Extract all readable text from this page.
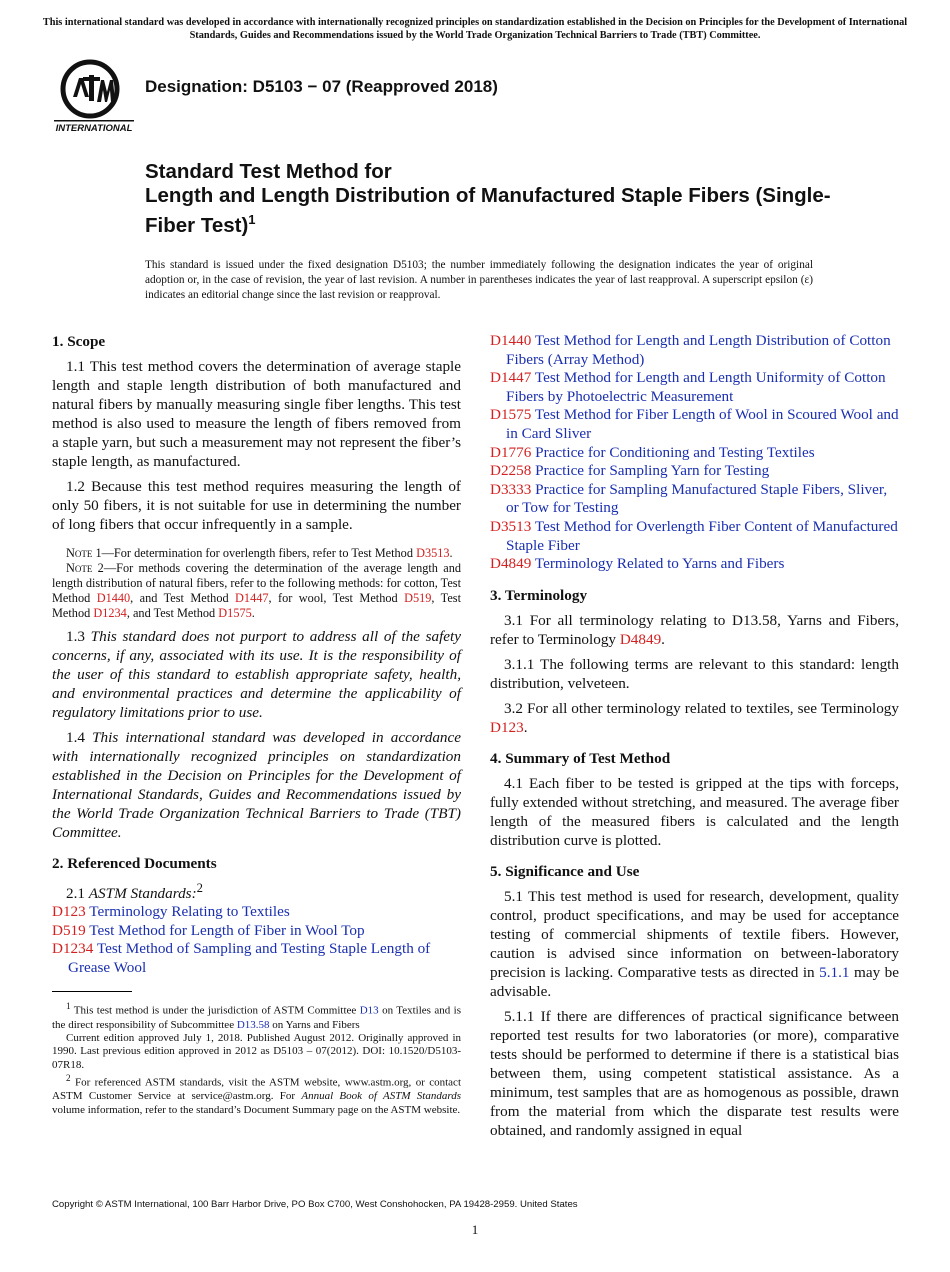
This international standard was developed in accordance with internationally recognized principles on standardization established in the Decision on Principles for the Development of International Standards, Guides and Recommendations issued by the World Trade Organization Technical Barriers to Trade (TBT) Committee.
INTERNATIONAL
Designation: D5103 − 07 (Reapproved 2018)
Standard Test Method for
Length and Length Distribution of Manufactured Staple Fibers (Single-Fiber Test)$^1$
This standard is issued under the fixed designation D5103; the number immediately following the designation indicates the year of original adoption or, in the case of revision, the year of last revision. A number in parentheses indicates the year of last reapproval. A superscript epsilon (ε) indicates an editorial change since the last revision or reapproval.
1. Scope

1.1 This test method covers the determination of average staple length and staple length distribution of both manufactured and natural fibers by manually measuring single fiber lengths. This test method is also used to measure the length of fibers removed from a staple yarn, but such a measurement may not represent the fiber’s staple length, as manufactured.

1.2 Because this test method requires measuring the length of only 50 fibers, it is not suitable for use in determining the number of long fibers that occur infrequently in a sample.

Note 1—For determination for overlength fibers, refer to Test Method D3513.

Note 2—For methods covering the determination of the average length and length distribution of natural fibers, refer to the following methods: for cotton, Test Method D1440, and Test Method D1447, for wool, Test Method D519, Test Method D1234, and Test Method D1575.

1.3 This standard does not purport to address all of the safety concerns, if any, associated with its use. It is the responsibility of the user of this standard to establish appropriate safety, health, and environmental practices and determine the applicability of regulatory limitations prior to use.

1.4 This international standard was developed in accordance with internationally recognized principles on standardization established in the Decision on Principles for the Development of International Standards, Guides and Recommendations issued by the World Trade Organization Technical Barriers to Trade (TBT) Committee.

2. Referenced Documents

2.1 ASTM Standards:$^2$

D123 Terminology Relating to Textiles

D519 Test Method for Length of Fiber in Wool Top

D1234 Test Method of Sampling and Testing Staple Length of Grease Wool

$^1$ This test method is under the jurisdiction of ASTM Committee D13 on Textiles and is the direct responsibility of Subcommittee D13.58 on Yarns and Fibers

Current edition approved July 1, 2018. Published August 2012. Originally approved in 1990. Last previous edition approved in 2012 as D5103 – 07(2012). DOI: 10.1520/D5103-07R18.

$^2$ For referenced ASTM standards, visit the ASTM website, www.astm.org, or contact ASTM Customer Service at service@astm.org. For Annual Book of ASTM Standards volume information, refer to the standard’s Document Summary page on the ASTM website.

D1440 Test Method for Length and Length Distribution of Cotton Fibers (Array Method)

D1447 Test Method for Length and Length Uniformity of Cotton Fibers by Photoelectric Measurement

D1575 Test Method for Fiber Length of Wool in Scoured Wool and in Card Sliver

D1776 Practice for Conditioning and Testing Textiles

D2258 Practice for Sampling Yarn for Testing

D3333 Practice for Sampling Manufactured Staple Fibers, Sliver, or Tow for Testing

D3513 Test Method for Overlength Fiber Content of Manufactured Staple Fiber

D4849 Terminology Related to Yarns and Fibers

3. Terminology

3.1 For all terminology relating to D13.58, Yarns and Fibers, refer to Terminology D4849.

3.1.1 The following terms are relevant to this standard: length distribution, velveteen.

3.2 For all other terminology related to textiles, see Terminology D123.

4. Summary of Test Method

4.1 Each fiber to be tested is gripped at the tips with forceps, fully extended without stretching, and measured. The average fiber length of the measured fibers is calculated and the length distribution curve is plotted.

5. Significance and Use

5.1 This test method is used for research, development, quality control, product specifications, and may be used for acceptance testing of commercial shipments of textile fibers. However, caution is advised since information on between-laboratory precision is lacking. Comparative tests as directed in 5.1.1 may be advisable.

5.1.1 If there are differences of practical significance between reported test results for two laboratories (or more), comparative tests should be performed to determine if there is a statistical bias between them, using competent statistical assistance. As a minimum, test samples that are as homogenous as possible, drawn from the material from which the disparate test results were obtained, and randomly assigned in equal

Copyright © ASTM International, 100 Barr Harbor Drive, PO Box C700, West Conshohocken, PA 19428-2959. United States
1
